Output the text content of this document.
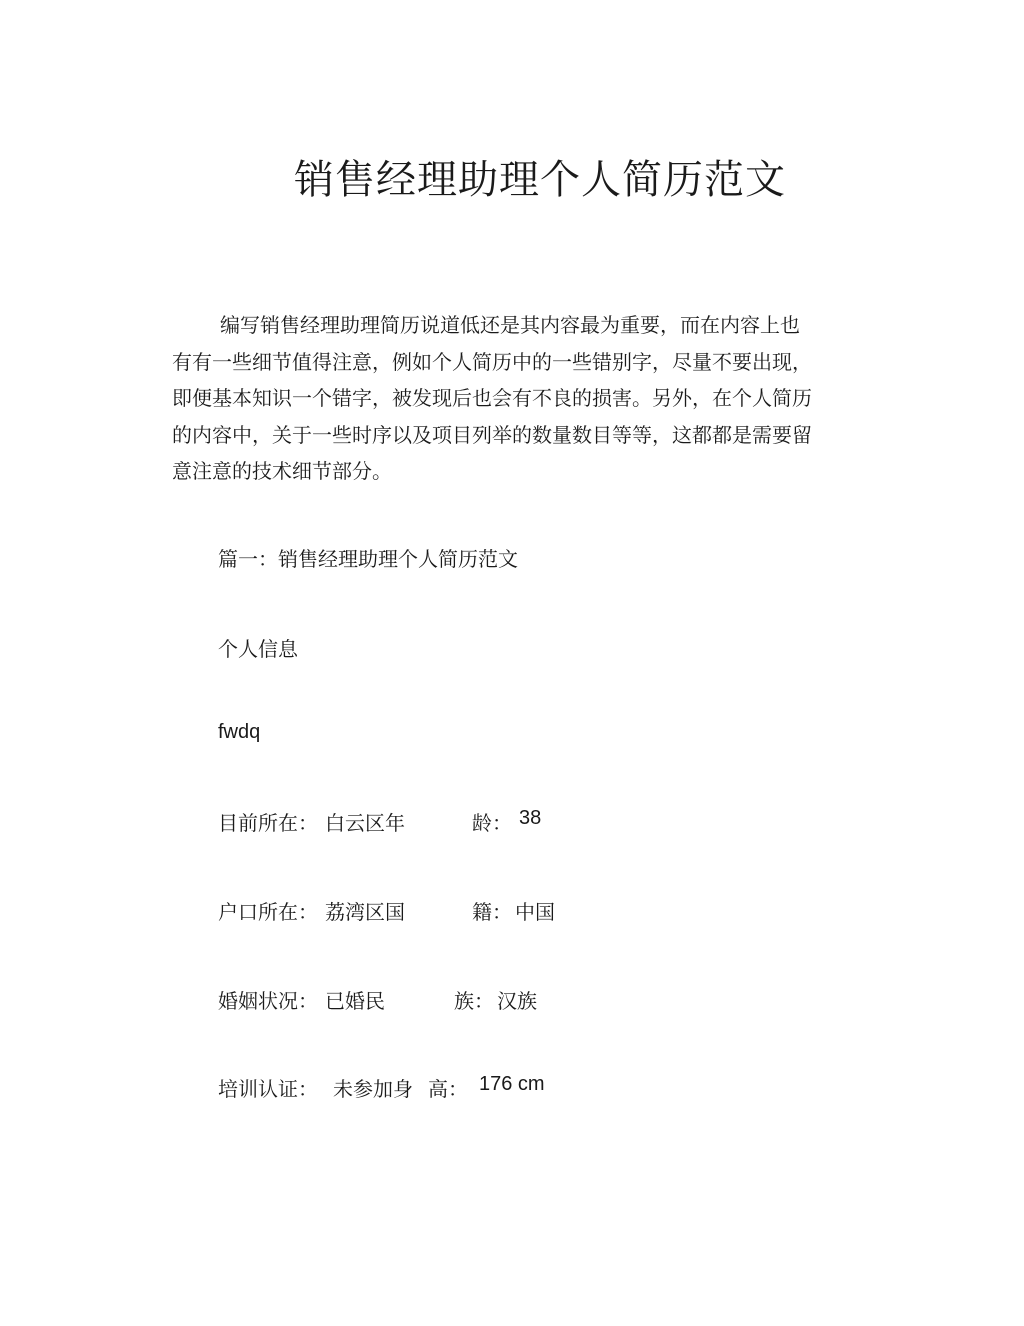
销售经理助理个人简历范文

编写销售经理助理简历说道低还是其内容最为重要，而在内容上也有有一些细节值得注意，例如个人简历中的一些错别字，尽量不要出现，即便基本知识一个错字，被发现后也会有不良的损害。另外，在个人简历的内容中，关于一些时序以及项目列举的数量数目等等，这都都是需要留意注意的技术细节部分。

篇一：销售经理助理个人简历范文

个人信息

fwdq

目前所在： 白云区年	龄： 38
户口所在： 荔湾区国	籍： 中国
婚姻状况： 已婚民	族： 汉族
培训认证： 未参加身 高： 176 cm
